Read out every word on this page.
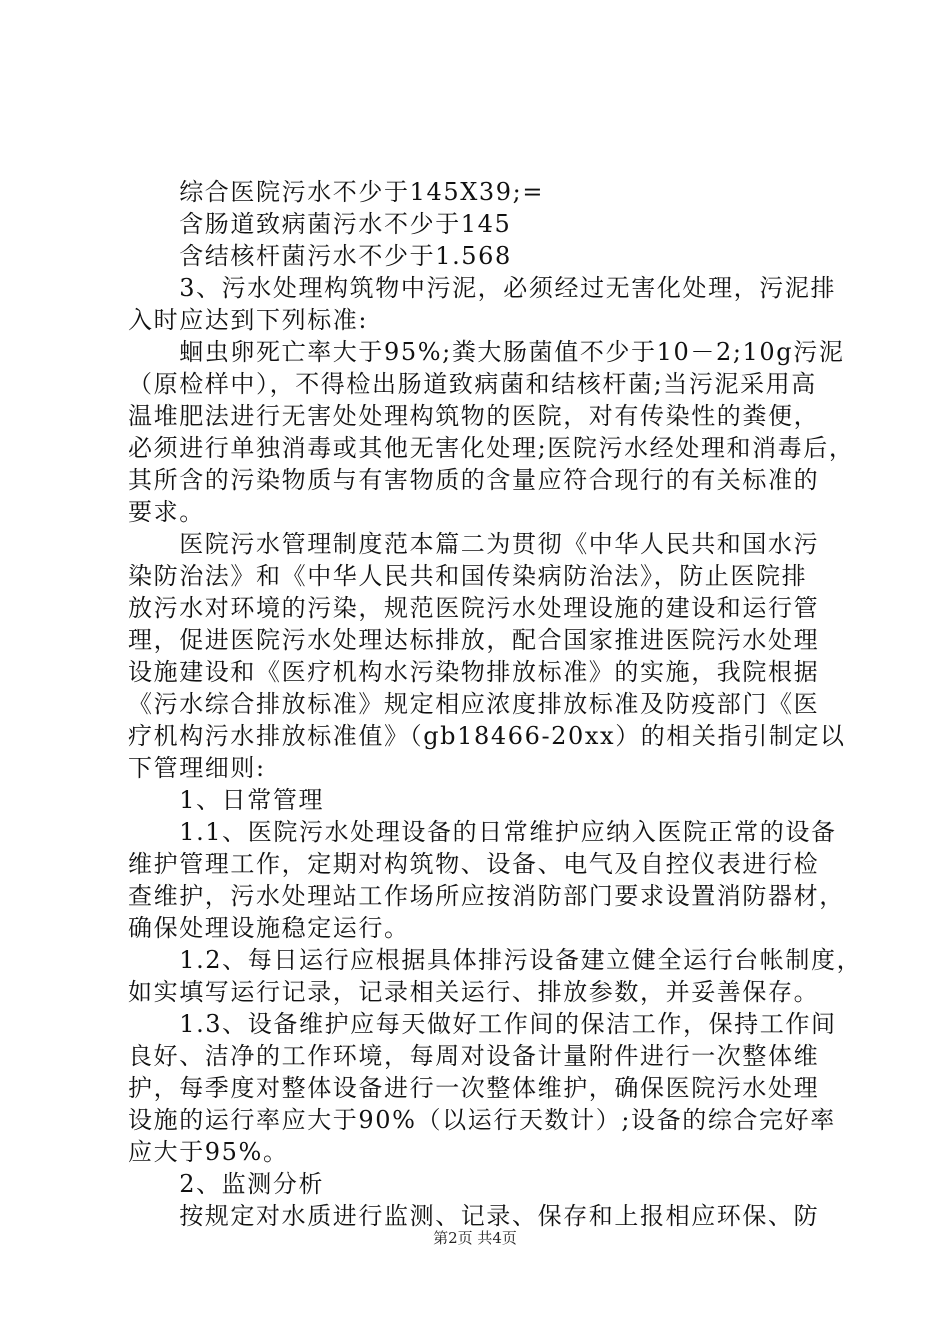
　　综合医院污水不少于145X39;=
　　含肠道致病菌污水不少于145
　　含结核杆菌污水不少于1.568
　　3、污水处理构筑物中污泥，必须经过无害化处理，污泥排
入时应达到下列标准:
　　蛔虫卵死亡率大于95%;粪大肠菌值不少于10－2;10g污泥
（原检样中），不得检出肠道致病菌和结核杆菌;当污泥采用高
温堆肥法进行无害处处理构筑物的医院，对有传染性的粪便，
必须进行单独消毒或其他无害化处理;医院污水经处理和消毒后，
其所含的污染物质与有害物质的含量应符合现行的有关标准的
要求。
　　医院污水管理制度范本篇二为贯彻《中华人民共和国水污
染防治法》和《中华人民共和国传染病防治法》，防止医院排
放污水对环境的污染，规范医院污水处理设施的建设和运行管
理，促进医院污水处理达标排放，配合国家推进医院污水处理
设施建设和《医疗机构水污染物排放标准》的实施，我院根据
《污水综合排放标准》规定相应浓度排放标准及防疫部门《医
疗机构污水排放标准值》（gb18466-20xx）的相关指引制定以
下管理细则:
　　1、日常管理
　　1.1、医院污水处理设备的日常维护应纳入医院正常的设备
维护管理工作，定期对构筑物、设备、电气及自控仪表进行检
查维护，污水处理站工作场所应按消防部门要求设置消防器材，
确保处理设施稳定运行。
　　1.2、每日运行应根据具体排污设备建立健全运行台帐制度，
如实填写运行记录，记录相关运行、排放参数，并妥善保存。
　　1.3、设备维护应每天做好工作间的保洁工作，保持工作间
良好、洁净的工作环境，每周对设备计量附件进行一次整体维
护，每季度对整体设备进行一次整体维护，确保医院污水处理
设施的运行率应大于90%（以运行天数计）;设备的综合完好率
应大于95%。
　　2、监测分析
　　按规定对水质进行监测、记录、保存和上报相应环保、防
第2页 共4页
